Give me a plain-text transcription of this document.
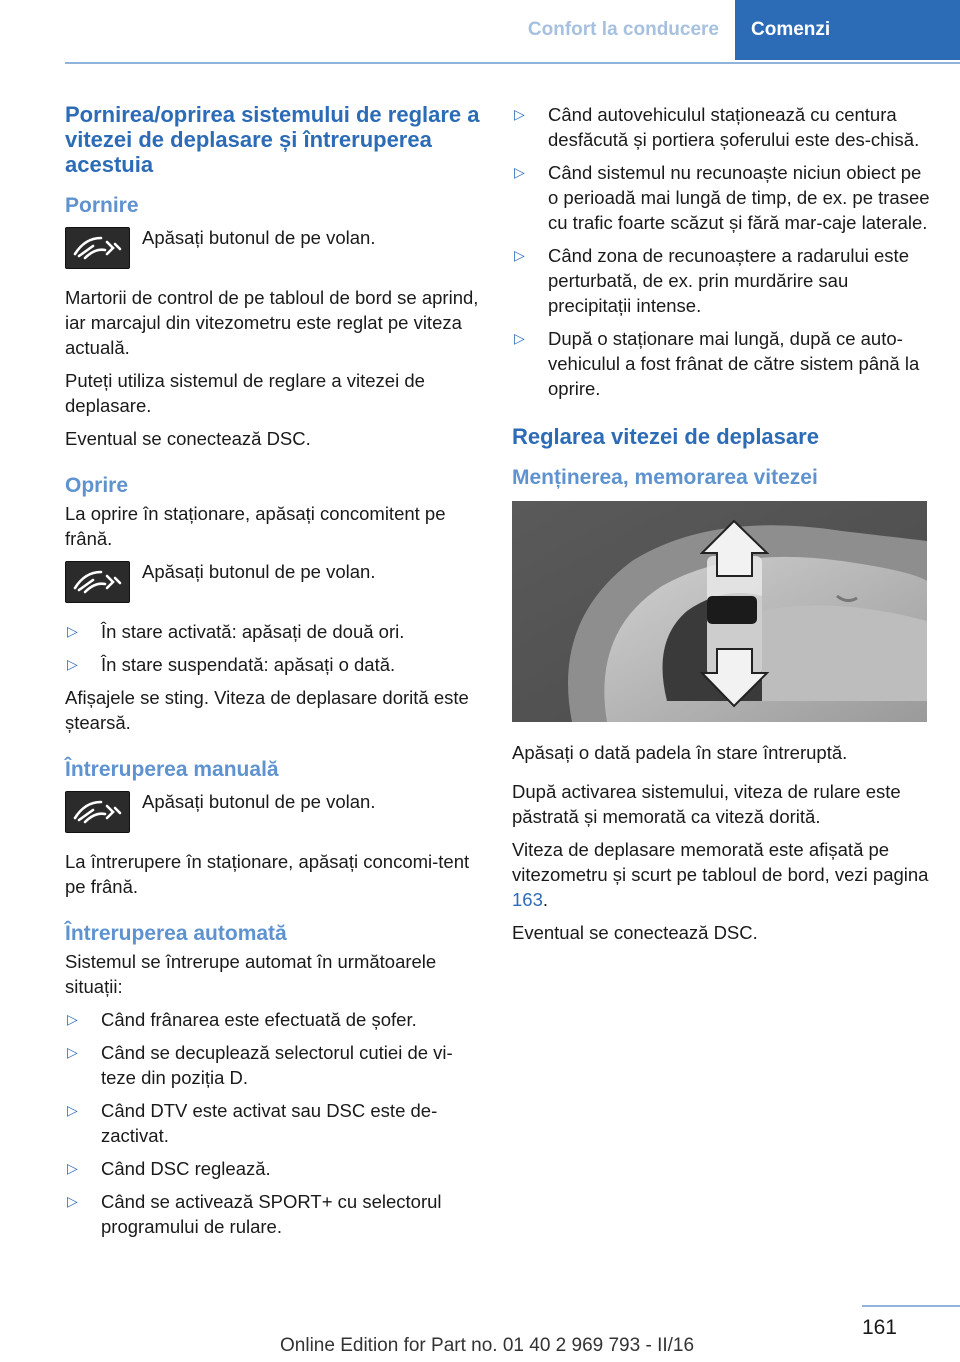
Confort la conducere	Comenzi
Pornirea/oprirea sistemului de reglare a vitezei de deplasare și întreruperea acestuia
Pornire
Apăsați butonul de pe volan.

Martorii de control de pe tabloul de bord se aprind, iar marcajul din vitezometru este reglat pe viteza actuală.

Puteți utiliza sistemul de reglare a vitezei de deplasare.

Eventual se conectează DSC.

Oprire

La oprire în staționare, apăsați concomitent pe frână.

Apăsați butonul de pe volan.
▷	În stare activată: apăsați de două ori.
▷	În stare suspendată: apăsați o dată.

Afișajele se sting. Viteza de deplasare dorită este ștearsă.

Întreruperea manuală
Apăsați butonul de pe volan.

La întrerupere în staționare, apăsați concomi‐tent pe frână.

Întreruperea automată

Sistemul se întrerupe automat în următoarele situații:

▷	Când frânarea este efectuată de șofer.
▷	Când se decuplează selectorul cutiei de vi‐teze din poziția D.
▷	Când DTV este activat sau DSC este de‐zactivat.
▷	Când DSC reglează.
▷	Când se activează SPORT+ cu selectorul programului de rulare.
▷	Când autovehiculul staționează cu centura desfăcută și portiera șoferului este des‐chisă.
▷	Când sistemul nu recunoaște niciun obiect pe o perioadă mai lungă de timp, de ex. pe trasee cu trafic foarte scăzut și fără mar‐caje laterale.
▷	Când zona de recunoaștere a radarului este perturbată, de ex. prin murdărire sau precipitații intense.
▷	După o staționare mai lungă, după ce auto‐vehiculul a fost frânat de către sistem până la oprire.
Reglarea vitezei de deplasare
Menținerea, memorarea vitezei

Apăsați o dată padela în stare întreruptă.

După activarea sistemului, viteza de rulare este păstrată și memorată ca viteză dorită.

Viteza de deplasare memorată este afișată pe vitezometru și scurt pe tabloul de bord, vezi pagina 163.

Eventual se conectează DSC.

161
Online Edition for Part no. 01 40 2 969 793 - II/16
